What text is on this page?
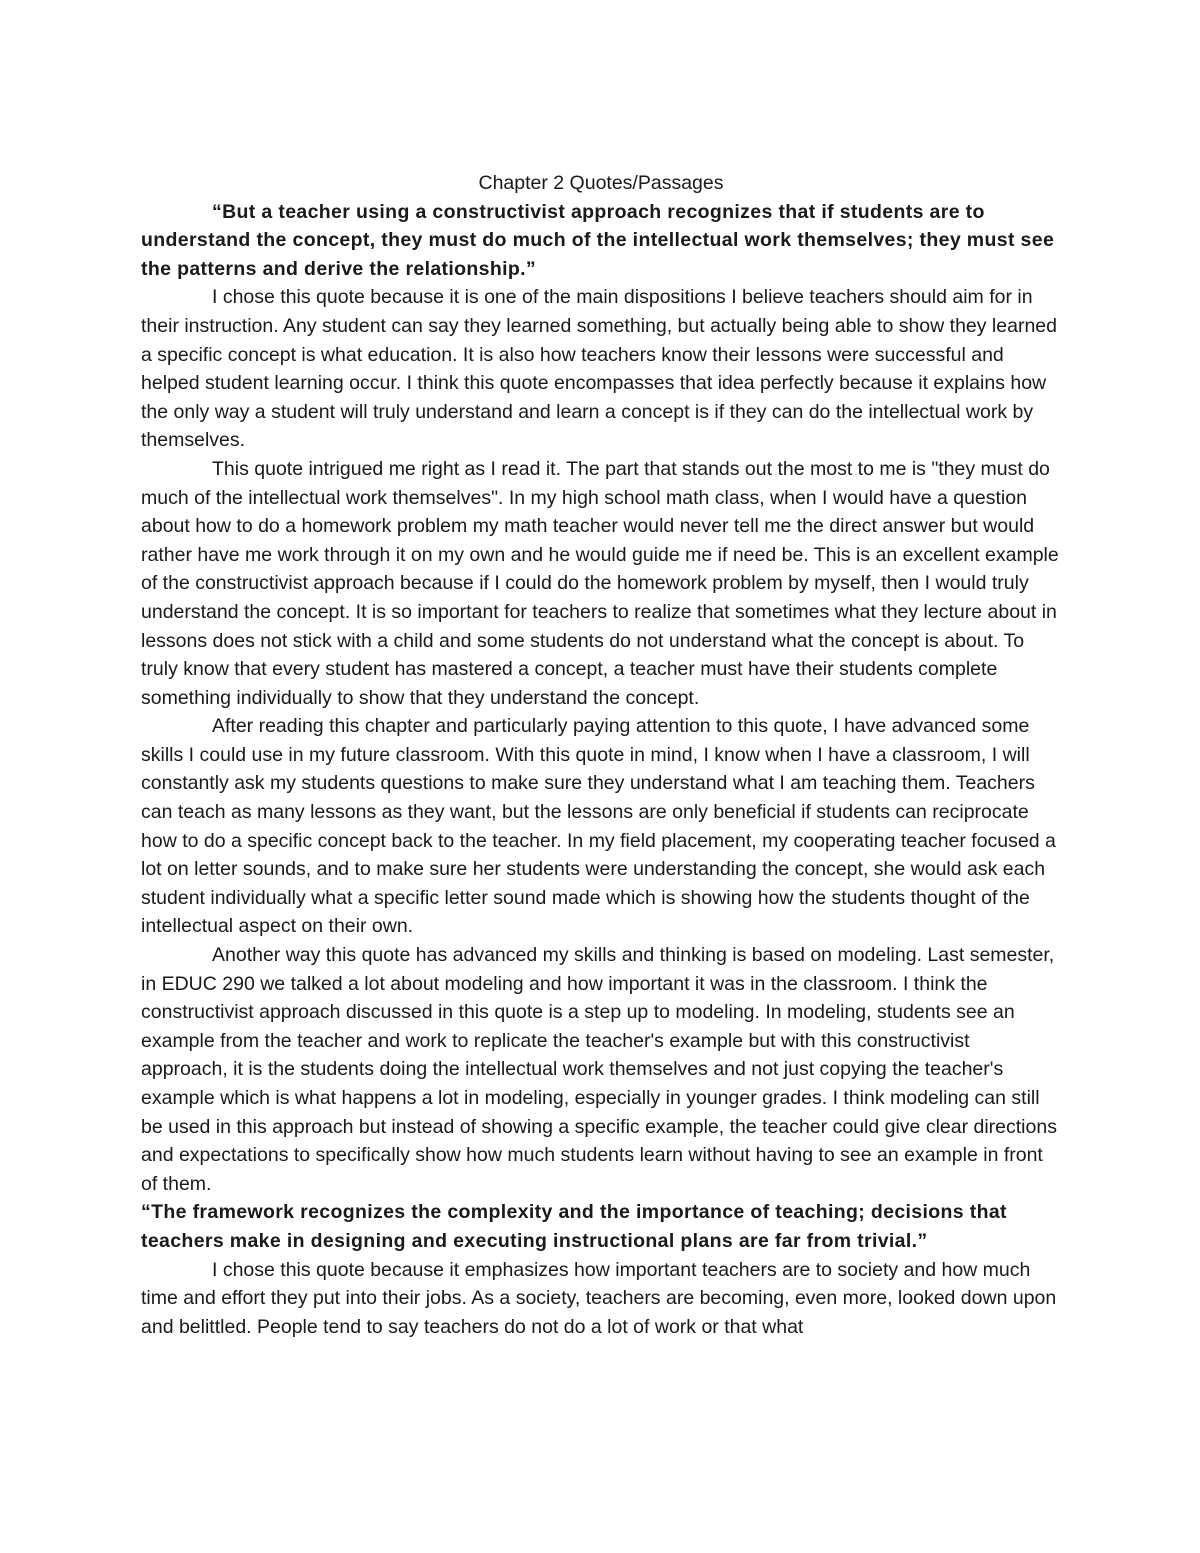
Chapter 2 Quotes/Passages

“But a teacher using a constructivist approach recognizes that if students are to understand the concept, they must do much of the intellectual work themselves; they must see the patterns and derive the relationship.”

I chose this quote because it is one of the main dispositions I believe teachers should aim for in their instruction. Any student can say they learned something, but actually being able to show they learned a specific concept is what education. It is also how teachers know their lessons were successful and helped student learning occur. I think this quote encompasses that idea perfectly because it explains how the only way a student will truly understand and learn a concept is if they can do the intellectual work by themselves.

This quote intrigued me right as I read it. The part that stands out the most to me is "they must do much of the intellectual work themselves". In my high school math class, when I would have a question about how to do a homework problem my math teacher would never tell me the direct answer but would rather have me work through it on my own and he would guide me if need be. This is an excellent example of the constructivist approach because if I could do the homework problem by myself, then I would truly understand the concept. It is so important for teachers to realize that sometimes what they lecture about in lessons does not stick with a child and some students do not understand what the concept is about. To truly know that every student has mastered a concept, a teacher must have their students complete something individually to show that they understand the concept.

After reading this chapter and particularly paying attention to this quote, I have advanced some skills I could use in my future classroom. With this quote in mind, I know when I have a classroom, I will constantly ask my students questions to make sure they understand what I am teaching them. Teachers can teach as many lessons as they want, but the lessons are only beneficial if students can reciprocate how to do a specific concept back to the teacher. In my field placement, my cooperating teacher focused a lot on letter sounds, and to make sure her students were understanding the concept, she would ask each student individually what a specific letter sound made which is showing how the students thought of the intellectual aspect on their own.

Another way this quote has advanced my skills and thinking is based on modeling. Last semester, in EDUC 290 we talked a lot about modeling and how important it was in the classroom. I think the constructivist approach discussed in this quote is a step up to modeling. In modeling, students see an example from the teacher and work to replicate the teacher's example but with this constructivist approach, it is the students doing the intellectual work themselves and not just copying the teacher's example which is what happens a lot in modeling, especially in younger grades. I think modeling can still be used in this approach but instead of showing a specific example, the teacher could give clear directions and expectations to specifically show how much students learn without having to see an example in front of them.

“The framework recognizes the complexity and the importance of teaching; decisions that teachers make in designing and executing instructional plans are far from trivial.”

I chose this quote because it emphasizes how important teachers are to society and how much time and effort they put into their jobs. As a society, teachers are becoming, even more, looked down upon and belittled. People tend to say teachers do not do a lot of work or that what
